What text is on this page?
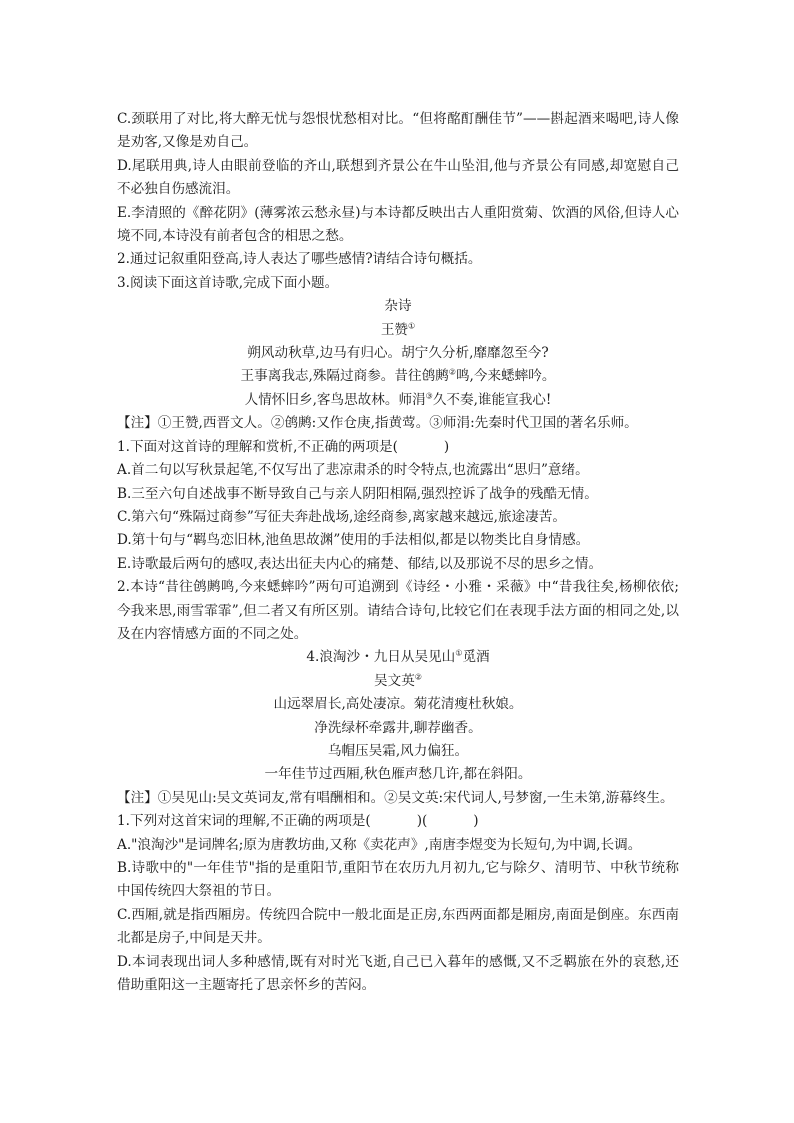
C.颈联用了对比,将大醉无忧与怨恨忧愁相对比。“但将酩酊酬佳节”——斟起酒来喝吧,诗人像是劝客,又像是劝自己。

D.尾联用典,诗人由眼前登临的齐山,联想到齐景公在牛山坠泪,他与齐景公有同感,却宽慰自己不必独自伤感流泪。

E.李清照的《醉花阴》(薄雾浓云愁永昼)与本诗都反映出古人重阳赏菊、饮酒的风俗,但诗人心境不同,本诗没有前者包含的相思之愁。

2.通过记叙重阳登高,诗人表达了哪些感情?请结合诗句概括。

3.阅读下面这首诗歌,完成下面小题。

杂诗

王赞①

朔风动秋草,边马有归心。胡宁久分析,靡靡忽至今?

王事离我志,殊隔过商参。昔往鸧鹒②鸣,今来蟋蟀吟。

人情怀旧乡,客鸟思故林。师涓③久不奏,谁能宣我心!

【注】①王赞,西晋文人。②鸧鹒:又作仓庚,指黄莺。③师涓:先秦时代卫国的著名乐师。

1.下面对这首诗的理解和赏析,不正确的两项是(	)

A.首二句以写秋景起笔,不仅写出了悲凉肃杀的时令特点,也流露出“思归”意绪。

B.三至六句自述战事不断导致自己与亲人阴阳相隔,强烈控诉了战争的残酷无情。

C.第六句“殊隔过商参”写征夫奔赴战场,途经商参,离家越来越远,旅途凄苦。

D.第十句与“羁鸟恋旧林,池鱼思故渊”使用的手法相似,都是以物类比自身情感。

E.诗歌最后两句的感叹,表达出征夫内心的痛楚、郁结,以及那说不尽的思乡之情。

2.本诗“昔往鸧鹒鸣,今来蟋蟀吟”两句可追溯到《诗经・小雅・采薇》中“昔我往矣,杨柳依依;今我来思,雨雪霏霏”,但二者又有所区别。请结合诗句,比较它们在表现手法方面的相同之处,以及在内容情感方面的不同之处。

4.浪淘沙・九日从吴见山①觅酒

吴文英②

山远翠眉长,高处凄凉。菊花清瘦杜秋娘。

净洗绿杯牵露井,聊荐幽香。

乌帽压吴霜,风力偏狂。

一年佳节过西厢,秋色雁声愁几许,都在斜阳。

【注】①吴见山:吴文英词友,常有唱酬相和。②吴文英:宋代词人,号梦窗,一生未第,游幕终生。

1.下列对这首宋词的理解,不正确的两项是(	)(	)

A."浪淘沙"是词牌名;原为唐教坊曲,又称《卖花声》,南唐李煜变为长短句,为中调,长调。

B.诗歌中的"一年佳节"指的是重阳节,重阳节在农历九月初九,它与除夕、清明节、中秋节统称中国传统四大祭祖的节日。

C.西厢,就是指西厢房。传统四合院中一般北面是正房,东西两面都是厢房,南面是倒座。东西南北都是房子,中间是天井。

D.本词表现出词人多种感情,既有对时光飞逝,自己已入暮年的感慨,又不乏羁旅在外的哀愁,还借助重阳这一主题寄托了思亲怀乡的苦闷。
